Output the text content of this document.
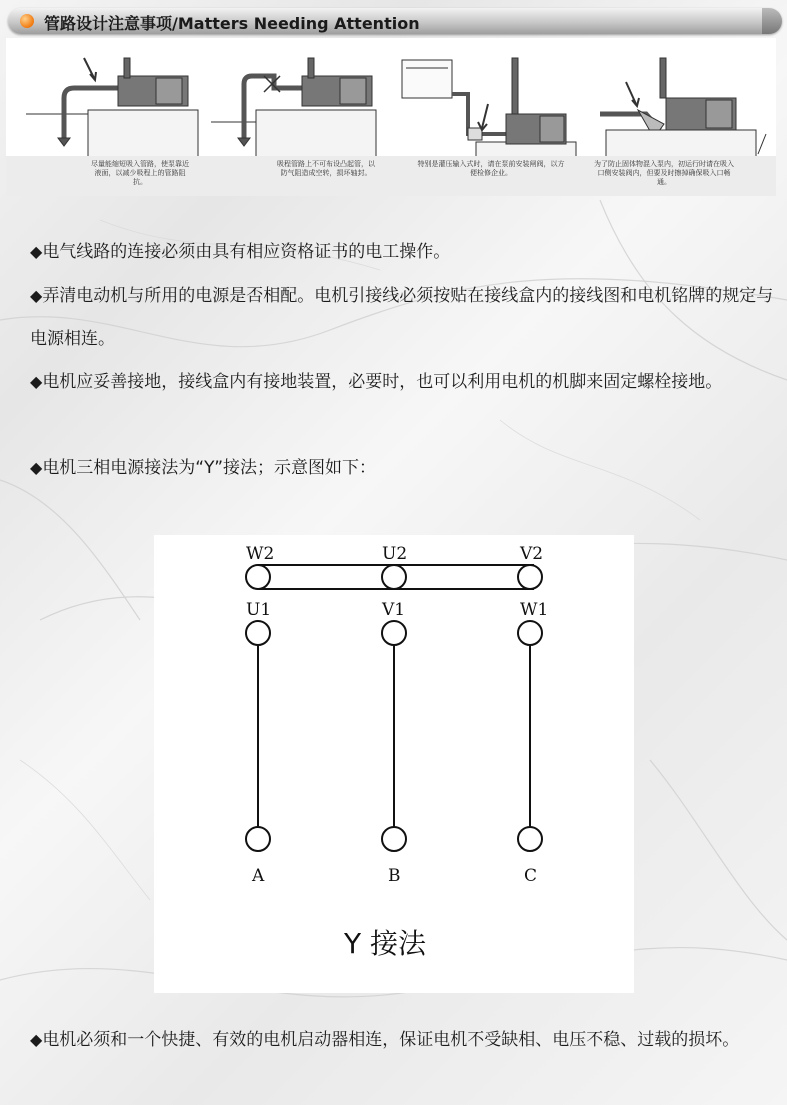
管路设计注意事项/Matters Needing Attention
尽量能缩短吸入管路，使泵靠近液面，以减少吸程上的管路阻抗。
吸程管路上不可布设凸起管，以防气阻造成空转，损坏轴封。
特别是灌压输入式时，请在泵前安装闸阀，以方便检修企业。
为了防止固体物混入泵内，初运行时请在吸入口侧安装阀内，但要及时擦掉确保吸入口畅通。
◆电气线路的连接必须由具有相应资格证书的电工操作。
◆弄清电动机与所用的电源是否相配。电机引接线必须按贴在接线盒内的接线图和电机铭牌的规定与电源相连。
◆电机应妥善接地，接线盒内有接地装置，必要时，也可以利用电机的机脚来固定螺栓接地。
◆电机三相电源接法为“Y”接法；示意图如下：
W2	U2	V2
U1	V1	W1
A	B	C
Y 接法
◆电机必须和一个快捷、有效的电机启动器相连，保证电机不受缺相、电压不稳、过载的损坏。
